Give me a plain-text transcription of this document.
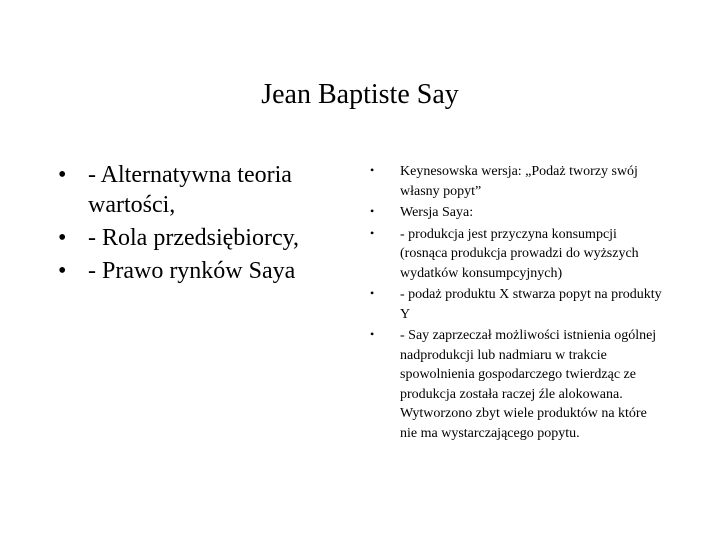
Jean Baptiste Say
• - Alternatywna teoria wartości,
• - Rola przedsiębiorcy,
• - Prawo rynków Saya
• Keynesowska wersja: „Podaż tworzy swój własny popyt”
• Wersja Saya:
• - produkcja jest przyczyna konsumpcji (rosnąca produkcja prowadzi do wyższych wydatków konsumpcyjnych)
• - podaż produktu X stwarza popyt na produkty Y
• - Say zaprzeczał możliwości istnienia ogólnej nadprodukcji lub nadmiaru w trakcie spowolnienia gospodarczego twierdząc ze produkcja została raczej źle alokowana. Wytworzono zbyt wiele produktów na które nie ma wystarczającego popytu.
